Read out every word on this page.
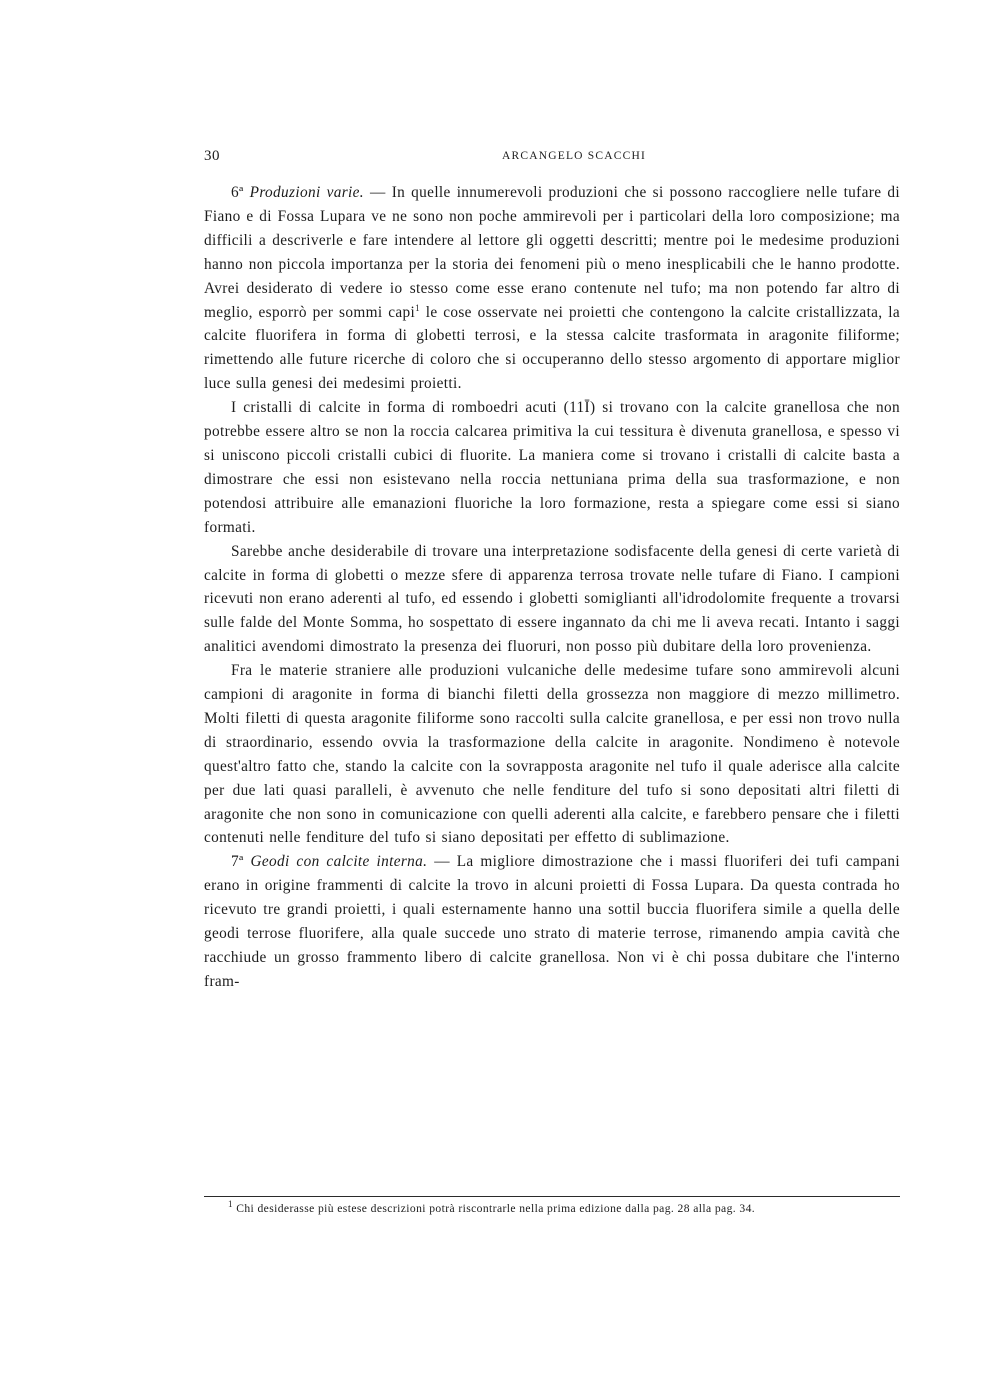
30	ARCANGELO SCACCHI

6ª Produzioni varie. — In quelle innumerevoli produzioni che si possono raccogliere nelle tufare di Fiano e di Fossa Lupara ve ne sono non poche ammirevoli per i particolari della loro composizione; ma difficili a descriverle e fare intendere al lettore gli oggetti descritti; mentre poi le medesime produzioni hanno non piccola importanza per la storia dei fenomeni più o meno inesplicabili che le hanno prodotte. Avrei desiderato di vedere io stesso come esse erano contenute nel tufo; ma non potendo far altro di meglio, esporrò per sommi capi$^1$ le cose osservate nei proietti che contengono la calcite cristallizzata, la calcite fluorifera in forma di globetti terrosi, e la stessa calcite trasformata in aragonite filiforme; rimettendo alle future ricerche di coloro che si occuperanno dello stesso argomento di apportare miglior luce sulla genesi dei medesimi proietti.

I cristalli di calcite in forma di romboedri acuti (11Ī) si trovano con la calcite granellosa che non potrebbe essere altro se non la roccia calcarea primitiva la cui tessitura è divenuta granellosa, e spesso vi si uniscono piccoli cristalli cubici di fluorite. La maniera come si trovano i cristalli di calcite basta a dimostrare che essi non esistevano nella roccia nettuniana prima della sua trasformazione, e non potendosi attribuire alle emanazioni fluoriche la loro formazione, resta a spiegare come essi si siano formati.

Sarebbe anche desiderabile di trovare una interpretazione sodisfacente della genesi di certe varietà di calcite in forma di globetti o mezze sfere di apparenza terrosa trovate nelle tufare di Fiano. I campioni ricevuti non erano aderenti al tufo, ed essendo i globetti somiglianti all'idrodolomite frequente a trovarsi sulle falde del Monte Somma, ho sospettato di essere ingannato da chi me li aveva recati. Intanto i saggi analitici avendomi dimostrato la presenza dei fluoruri, non posso più dubitare della loro provenienza.

Fra le materie straniere alle produzioni vulcaniche delle medesime tufare sono ammirevoli alcuni campioni di aragonite in forma di bianchi filetti della grossezza non maggiore di mezzo millimetro. Molti filetti di questa aragonite filiforme sono raccolti sulla calcite granellosa, e per essi non trovo nulla di straordinario, essendo ovvia la trasformazione della calcite in aragonite. Nondimeno è notevole quest'altro fatto che, stando la calcite con la sovrapposta aragonite nel tufo il quale aderisce alla calcite per due lati quasi paralleli, è avvenuto che nelle fenditure del tufo si sono depositati altri filetti di aragonite che non sono in comunicazione con quelli aderenti alla calcite, e farebbero pensare che i filetti contenuti nelle fenditure del tufo si siano depositati per effetto di sublimazione.

7ª Geodi con calcite interna. — La migliore dimostrazione che i massi fluoriferi dei tufi campani erano in origine frammenti di calcite la trovo in alcuni proietti di Fossa Lupara. Da questa contrada ho ricevuto tre grandi proietti, i quali esternamente hanno una sottil buccia fluorifera simile a quella delle geodi terrose fluorifere, alla quale succede uno strato di materie terrose, rimanendo ampia cavità che racchiude un grosso frammento libero di calcite granellosa. Non vi è chi possa dubitare che l'interno fram-

$^1$ Chi desiderasse più estese descrizioni potrà riscontrarle nella prima edizione dalla pag. 28 alla pag. 34.
